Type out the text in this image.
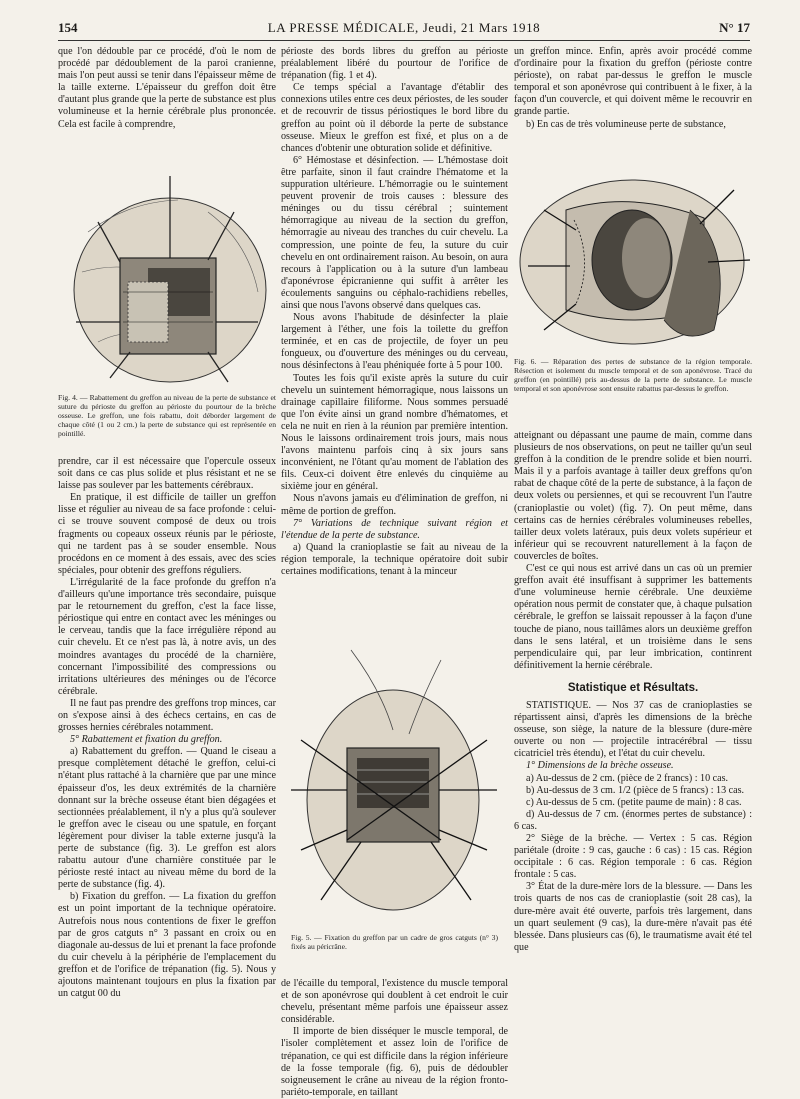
154	LA PRESSE MÉDICALE, Jeudi, 21 Mars 1918	N° 17

que l'on dédouble par ce procédé, d'où le nom de procédé par dédoublement de la paroi cranienne, mais l'on peut aussi se tenir dans l'épaisseur même de la taille externe. L'épaisseur du greffon doit être d'autant plus grande que la perte de substance est plus volumineuse et la hernie cérébrale plus prononcée. Cela est facile à comprendre,

Fig. 4. — Rabattement du greffon au niveau de la perte de substance et suture du périoste du greffon au périoste du pourtour de la brèche osseuse. Le greffon, une fois rabattu, doit déborder largement de chaque côté (1 ou 2 cm.) la perte de substance qui est représentée en pointillé.

prendre, car il est nécessaire que l'opercule osseux soit dans ce cas plus solide et plus résistant et ne se laisse pas soulever par les battements cérébraux.

En pratique, il est difficile de tailler un greffon lisse et régulier au niveau de sa face profonde : celui-ci se trouve souvent composé de deux ou trois fragments ou copeaux osseux réunis par le périoste, qui ne tardent pas à se souder ensemble. Nous procédons en ce moment à des essais, avec des scies spéciales, pour obtenir des greffons réguliers.

L'irrégularité de la face profonde du greffon n'a d'ailleurs qu'une importance très secondaire, puisque par le retournement du greffon, c'est la face lisse, périostique qui entre en contact avec les méninges ou le cerveau, tandis que la face irrégulière répond au cuir chevelu. Et ce n'est pas là, à notre avis, un des moindres avantages du procédé de la charnière, concernant l'impossibilité des compressions ou irritations ultérieures des méninges ou de l'écorce cérébrale.

Il ne faut pas prendre des greffons trop minces, car on s'expose ainsi à des échecs certains, en cas de grosses hernies cérébrales notamment.

5° Rabattement et fixation du greffon.

a) Rabattement du greffon. — Quand le ciseau a presque complètement détaché le greffon, celui-ci n'étant plus rattaché à la charnière que par une mince épaisseur d'os, les deux extrémités de la charnière donnant sur la brèche osseuse étant bien dégagées et sectionnées préalablement, il n'y a plus qu'à soulever le greffon avec le ciseau ou une spatule, en forçant légèrement pour diviser la table externe jusqu'à la perte de substance (fig. 3). Le greffon est alors rabattu autour d'une charnière constituée par le périoste resté intact au niveau même du bord de la perte de substance (fig. 4).

b) Fixation du greffon. — La fixation du greffon est un point important de la technique opératoire. Autrefois nous nous contentions de fixer le greffon par de gros catguts n° 3 passant en croix ou en diagonale au-dessus de lui et prenant la face profonde du cuir chevelu à la périphérie de l'emplacement du greffon et de l'orifice de trépanation (fig. 5). Nous y ajoutons maintenant toujours en plus la fixation par un catgut 00 du

périoste des bords libres du greffon au périoste préalablement libéré du pourtour de l'orifice de trépanation (fig. 1 et 4).

Ce temps spécial a l'avantage d'établir des connexions utiles entre ces deux périostes, de les souder et de recouvrir de tissus périostiques le bord libre du greffon au point où il déborde la perte de substance osseuse. Mieux le greffon est fixé, et plus on a de chances d'obtenir une obturation solide et définitive.

6° Hémostase et désinfection. — L'hémostase doit être parfaite, sinon il faut craindre l'hématome et la suppuration ultérieure. L'hémorragie ou le suintement peuvent provenir de trois causes : blessure des méninges ou du tissu cérébral ; suintement hémorragique au niveau de la section du greffon, hémorragie au niveau des tranches du cuir chevelu. La compression, une pointe de feu, la suture du cuir chevelu en ont ordinairement raison. Au besoin, on aura recours à l'application ou à la suture d'un lambeau d'aponévrose épicranienne qui suffit à arrêter les écoulements sanguins ou céphalo-rachidiens rebelles, ainsi que nous l'avons observé dans quelques cas.

Nous avons l'habitude de désinfecter la plaie largement à l'éther, une fois la toilette du greffon terminée, et en cas de projectile, de foyer un peu fongueux, ou d'ouverture des méninges ou du cerveau, nous désinfectons à l'eau phéniquée forte à 5 pour 100.

Toutes les fois qu'il existe après la suture du cuir chevelu un suintement hémorragique, nous laissons un drainage capillaire filiforme. Nous sommes persuadé que l'on évite ainsi un grand nombre d'hématomes, et cela ne nuit en rien à la réunion par première intention. Nous le laissons ordinairement trois jours, mais nous l'avons maintenu parfois cinq à six jours sans inconvénient, ne l'ôtant qu'au moment de l'ablation des fils. Ceux-ci doivent être enlevés du cinquième au sixième jour en général.

Nous n'avons jamais eu d'élimination de greffon, ni même de portion de greffon.

7° Variations de technique suivant région et l'étendue de la perte de substance.

a) Quand la cranioplastie se fait au niveau de la région temporale, la technique opératoire doit subir certaines modifications, tenant à la minceur

Fig. 5. — Fixation du greffon par un cadre de gros catguts (n° 3) fixés au péricrâne.

de l'écaille du temporal, l'existence du muscle temporal et de son aponévrose qui doublent à cet endroit le cuir chevelu, présentant même parfois une épaisseur assez considérable.

Il importe de bien disséquer le muscle temporal, de l'isoler complètement et assez loin de l'orifice de trépanation, ce qui est difficile dans la région inférieure de la fosse temporale (fig. 6), puis de dédoubler soigneusement le crâne au niveau de la région fronto-pariéto-temporale, en taillant

un greffon mince. Enfin, après avoir procédé comme d'ordinaire pour la fixation du greffon (périoste contre périoste), on rabat par-dessus le greffon le muscle temporal et son aponévrose qui contribuent à le fixer, à la façon d'un couvercle, et qui doivent même le recouvrir en grande partie.

b) En cas de très volumineuse perte de substance,

Fig. 6. — Réparation des pertes de substance de la région temporale. Résection et isolement du muscle temporal et de son aponévrose. Tracé du greffon (en pointillé) pris au-dessus de la perte de substance. Le muscle temporal et son aponévrose sont ensuite rabattus par-dessus le greffon.

atteignant ou dépassant une paume de main, comme dans plusieurs de nos observations, on peut ne tailler qu'un seul greffon à la condition de le prendre solide et bien nourri. Mais il y a parfois avantage à tailler deux greffons qu'on rabat de chaque côté de la perte de substance, à la façon de deux volets ou persiennes, et qui se recouvrent l'un l'autre (cranioplastie ou volet) (fig. 7). On peut même, dans certains cas de hernies cérébrales volumineuses rebelles, tailler deux volets latéraux, puis deux volets supérieur et inférieur qui se recouvrent naturellement à la façon de couvercles de boîtes.

C'est ce qui nous est arrivé dans un cas où un premier greffon avait été insuffisant à supprimer les battements d'une volumineuse hernie cérébrale. Une deuxième opération nous permit de constater que, à chaque pulsation cérébrale, le greffon se laissait repousser à la façon d'une touche de piano, nous taillâmes alors un deuxième greffon dans le sens latéral, et un troisième dans le sens perpendiculaire qui, par leur imbrication, continrent définitivement la hernie cérébrale.

Statistique et Résultats.

STATISTIQUE. — Nos 37 cas de cranioplasties se répartissent ainsi, d'après les dimensions de la brèche osseuse, son siège, la nature de la blessure (dure-mère ouverte ou non — projectile intracérébral — tissu cicatriciel très étendu), et l'état du cuir chevelu.

1° Dimensions de la brèche osseuse.

a) Au-dessus de 2 cm. (pièce de 2 francs) : 10 cas.

b) Au-dessus de 3 cm. 1/2 (pièce de 5 francs) : 13 cas.

c) Au-dessus de 5 cm. (petite paume de main) : 8 cas.

d) Au-dessus de 7 cm. (énormes pertes de substance) : 6 cas.

2° Siège de la brèche. — Vertex : 5 cas. Région pariétale (droite : 9 cas, gauche : 6 cas) : 15 cas. Région occipitale : 6 cas. Région temporale : 6 cas. Région frontale : 5 cas.

3° État de la dure-mère lors de la blessure. — Dans les trois quarts de nos cas de cranioplastie (soit 28 cas), la dure-mère avait été ouverte, parfois très largement, dans un quart seulement (9 cas), la dure-mère n'avait pas été blessée. Dans plusieurs cas (6), le traumatisme avait été tel que
